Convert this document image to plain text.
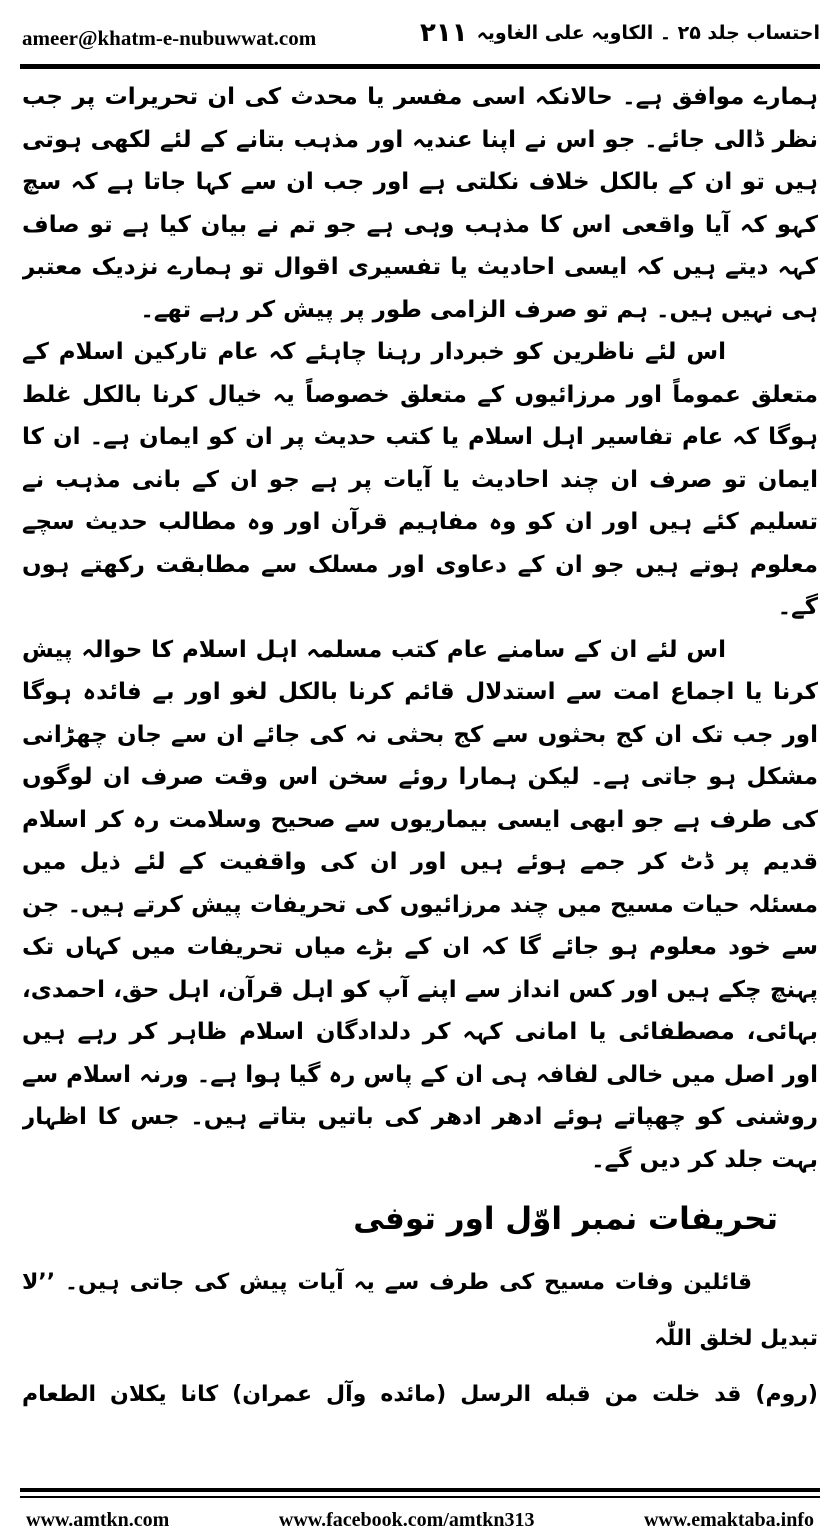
ameer@khatm-e-nubuwwat.com	۲۱۱ احتساب جلد ۲۵ ۔ الکاویہ علی الغاویہ

ہمارے موافق ہے۔ حالانکہ اسی مفسر یا محدث کی ان تحریرات پر جب نظر ڈالی جائے۔ جو اس نے اپنا عندیہ اور مذہب بتانے کے لئے لکھی ہوتی ہیں تو ان کے بالکل خلاف نکلتی ہے اور جب ان سے کہا جاتا ہے کہ سچ کہو کہ آیا واقعی اس کا مذہب وہی ہے جو تم نے بیان کیا ہے تو صاف کہہ دیتے ہیں کہ ایسی احادیث یا تفسیری اقوال تو ہمارے نزدیک معتبر ہی نہیں ہیں۔ ہم تو صرف الزامی طور پر پیش کر رہے تھے۔

اس لئے ناظرین کو خبردار رہنا چاہئے کہ عام تارکین اسلام کے متعلق عموماً اور مرزائیوں کے متعلق خصوصاً یہ خیال کرنا بالکل غلط ہوگا کہ عام تفاسیر اہل اسلام یا کتب حدیث پر ان کو ایمان ہے۔ ان کا ایمان تو صرف ان چند احادیث یا آیات پر ہے جو ان کے بانی مذہب نے تسلیم کئے ہیں اور ان کو وہ مفاہیم قرآن اور وہ مطالب حدیث سچے معلوم ہوتے ہیں جو ان کے دعاوی اور مسلک سے مطابقت رکھتے ہوں گے۔

اس لئے ان کے سامنے عام کتب مسلمہ اہل اسلام کا حوالہ پیش کرنا یا اجماع امت سے استدلال قائم کرنا بالکل لغو اور بے فائدہ ہوگا اور جب تک ان کج بحثوں سے کج بحثی نہ کی جائے ان سے جان چھڑانی مشکل ہو جاتی ہے۔ لیکن ہمارا روئے سخن اس وقت صرف ان لوگوں کی طرف ہے جو ابھی ایسی بیماریوں سے صحیح وسلامت رہ کر اسلام قدیم پر ڈٹ کر جمے ہوئے ہیں اور ان کی واقفیت کے لئے ذیل میں مسئلہ حیات مسیح میں چند مرزائیوں کی تحریفات پیش کرتے ہیں۔ جن سے خود معلوم ہو جائے گا کہ ان کے بڑے میاں تحریفات میں کہاں تک پہنچ چکے ہیں اور کس انداز سے اپنے آپ کو اہل قرآن، اہل حق، احمدی، بہائی، مصطفائی یا امانی کہہ کر دلدادگان اسلام ظاہر کر رہے ہیں اور اصل میں خالی لفافہ ہی ان کے پاس رہ گیا ہوا ہے۔ ورنہ اسلام سے روشنی کو چھپاتے ہوئے ادھر ادھر کی باتیں بتاتے ہیں۔ جس کا اظہار بہت جلد کر دیں گے۔

تحریفات نمبر اوّل اور توفی

قائلین وفات مسیح کی طرف سے یہ آیات پیش کی جاتی ہیں۔ ’’لا تبدیل لخلق اللّٰہ

(روم) قد خلت من قبله الرسل (مائده وآل عمران) كانا يكلان الطعام

www.amtkn.com	www.facebook.com/amtkn313	www.emaktaba.info
